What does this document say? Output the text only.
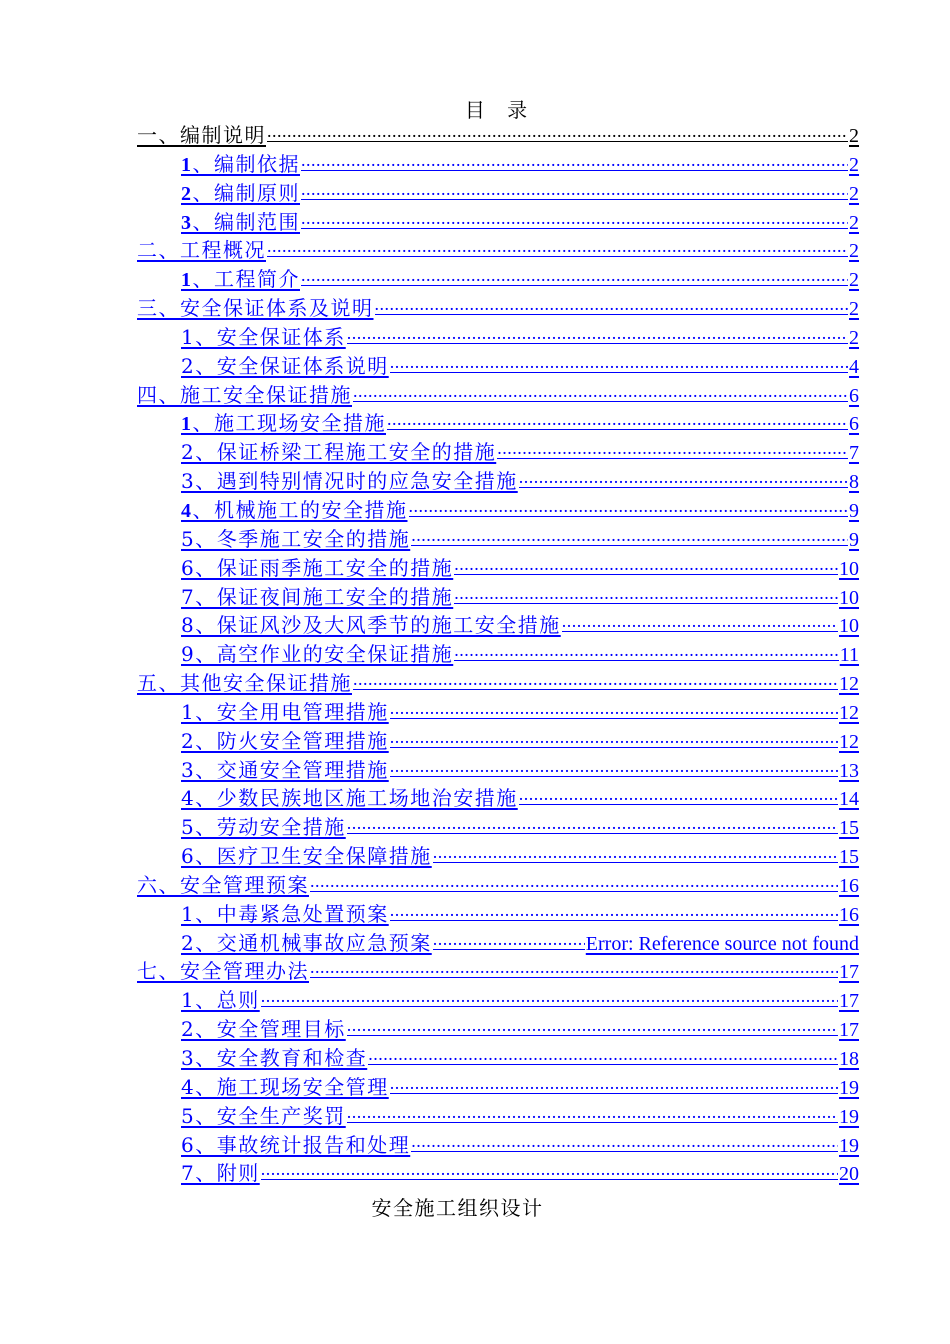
目 录
一、编制说明 .....	2
1、编制依据 .....	2
2、编制原则 .....	2
3、编制范围 .....	2
二、工程概况 .....	2
1、工程简介 .....	2
三、安全保证体系及说明 .....	2
1、安全保证体系 .....	2
2、安全保证体系说明 .....	4
四、施工安全保证措施 .....	6
1、施工现场安全措施 .....	6
2、保证桥梁工程施工安全的措施 .....	7
3、遇到特别情况时的应急安全措施 .....	8
4、机械施工的安全措施 .....	9
5、冬季施工安全的措施 .....	9
6、保证雨季施工安全的措施 .....	10
7、保证夜间施工安全的措施 .....	10
8、保证风沙及大风季节的施工安全措施 .....	10
9、高空作业的安全保证措施 .....	11
五、其他安全保证措施 .....	12
1、安全用电管理措施 .....	12
2、防火安全管理措施 .....	12
3、交通安全管理措施 .....	13
4、少数民族地区施工场地治安措施 .....	14
5、劳动安全措施 .....	15
6、医疗卫生安全保障措施 .....	15
六、安全管理预案 .....	16
1、中毒紧急处置预案 .....	16
2、交通机械事故应急预案 .....	Error: Reference source not found
七、安全管理办法 .....	17
1、总则 .....	17
2、安全管理目标 .....	17
3、安全教育和检查 .....	18
4、施工现场安全管理 .....	19
5、安全生产奖罚 .....	19
6、事故统计报告和处理 .....	19
7、附则 .....	20
安全施工组织设计
